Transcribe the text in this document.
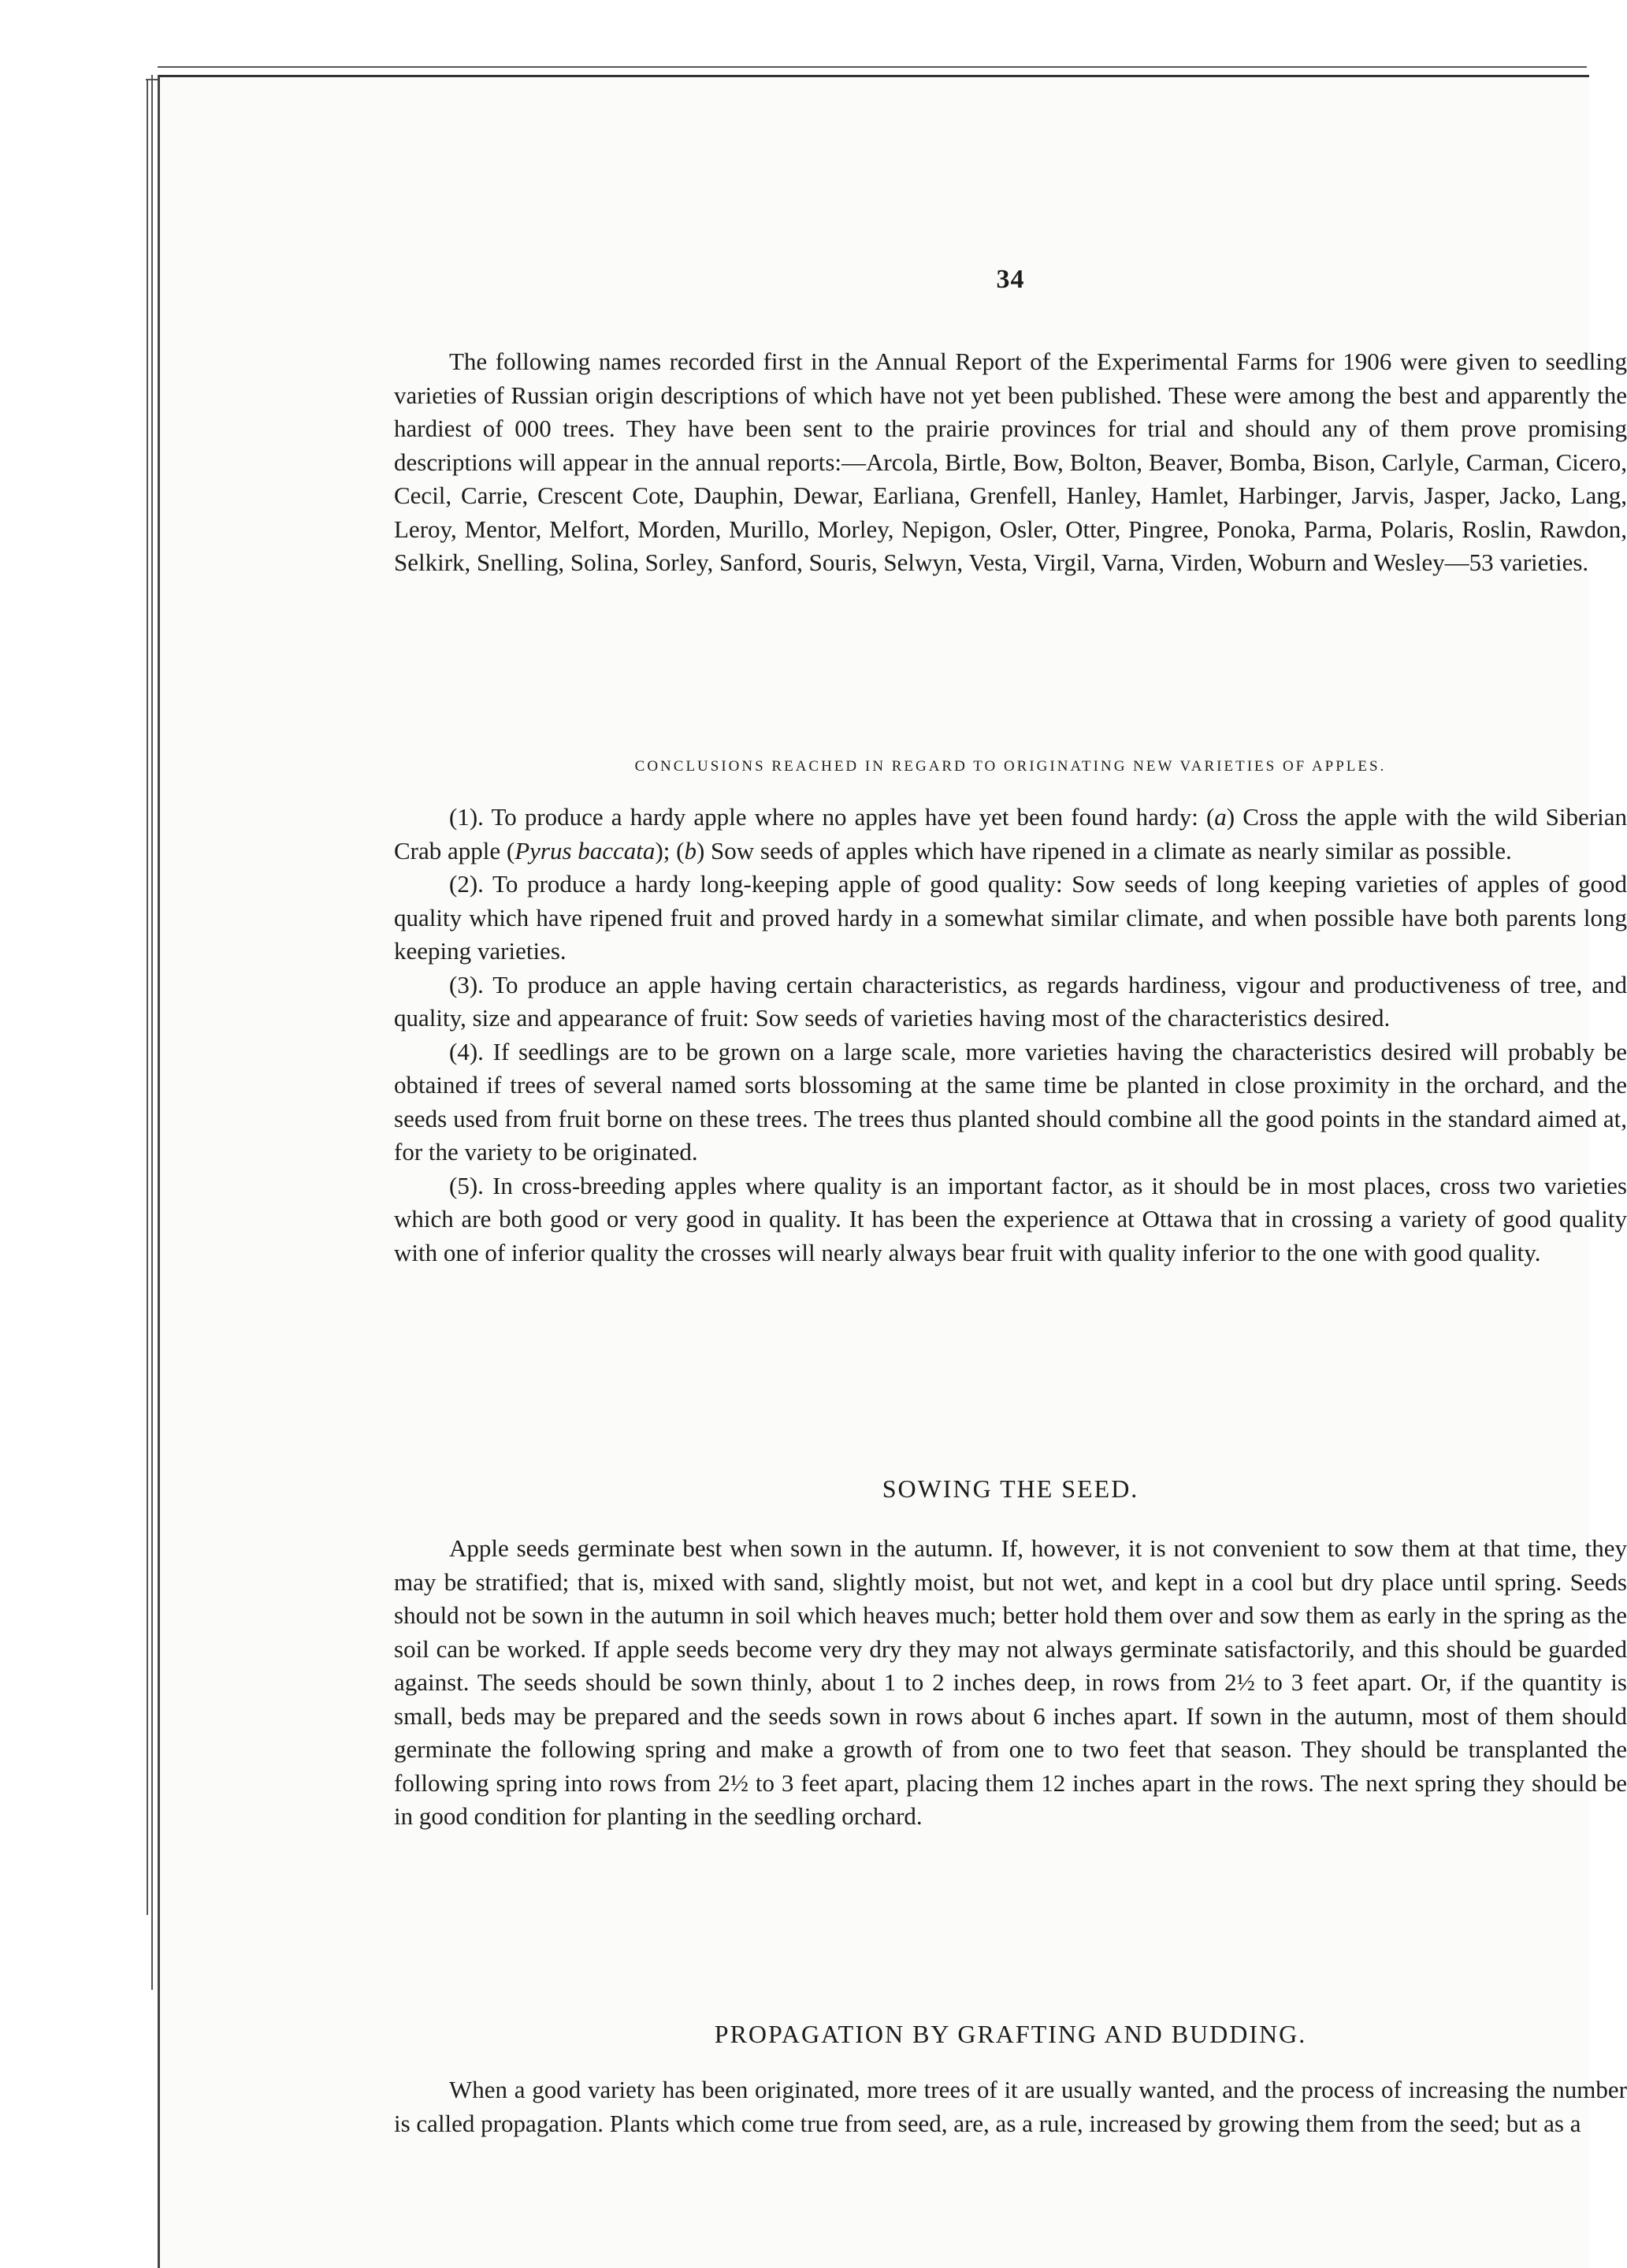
34

The following names recorded first in the Annual Report of the Experimental Farms for 1906 were given to seedling varieties of Russian origin descriptions of which have not yet been published. These were among the best and apparently the hardiest of 000 trees. They have been sent to the prairie provinces for trial and should any of them prove promising descriptions will appear in the annual reports:—Arcola, Birtle, Bow, Bolton, Beaver, Bomba, Bison, Carlyle, Carman, Cicero, Cecil, Carrie, Crescent Cote, Dauphin, Dewar, Earliana, Grenfell, Hanley, Hamlet, Harbinger, Jarvis, Jasper, Jacko, Lang, Leroy, Mentor, Melfort, Morden, Murillo, Morley, Nepigon, Osler, Otter, Pingree, Ponoka, Parma, Polaris, Roslin, Rawdon, Selkirk, Snelling, Solina, Sorley, Sanford, Souris, Selwyn, Vesta, Virgil, Varna, Virden, Woburn and Wesley—53 varieties.

CONCLUSIONS REACHED IN REGARD TO ORIGINATING NEW VARIETIES OF APPLES.

(1). To produce a hardy apple where no apples have yet been found hardy: (a) Cross the apple with the wild Siberian Crab apple (Pyrus baccata); (b) Sow seeds of apples which have ripened in a climate as nearly similar as possible.

(2). To produce a hardy long-keeping apple of good quality: Sow seeds of long keeping varieties of apples of good quality which have ripened fruit and proved hardy in a somewhat similar climate, and when possible have both parents long keeping varieties.

(3). To produce an apple having certain characteristics, as regards hardiness, vigour and productiveness of tree, and quality, size and appearance of fruit: Sow seeds of varieties having most of the characteristics desired.

(4). If seedlings are to be grown on a large scale, more varieties having the characteristics desired will probably be obtained if trees of several named sorts blossoming at the same time be planted in close proximity in the orchard, and the seeds used from fruit borne on these trees. The trees thus planted should combine all the good points in the standard aimed at, for the variety to be originated.

(5). In cross-breeding apples where quality is an important factor, as it should be in most places, cross two varieties which are both good or very good in quality. It has been the experience at Ottawa that in crossing a variety of good quality with one of inferior quality the crosses will nearly always bear fruit with quality inferior to the one with good quality.

SOWING THE SEED.

Apple seeds germinate best when sown in the autumn. If, however, it is not convenient to sow them at that time, they may be stratified; that is, mixed with sand, slightly moist, but not wet, and kept in a cool but dry place until spring. Seeds should not be sown in the autumn in soil which heaves much; better hold them over and sow them as early in the spring as the soil can be worked. If apple seeds become very dry they may not always germinate satisfactorily, and this should be guarded against. The seeds should be sown thinly, about 1 to 2 inches deep, in rows from 2½ to 3 feet apart. Or, if the quantity is small, beds may be prepared and the seeds sown in rows about 6 inches apart. If sown in the autumn, most of them should germinate the following spring and make a growth of from one to two feet that season. They should be transplanted the following spring into rows from 2½ to 3 feet apart, placing them 12 inches apart in the rows. The next spring they should be in good condition for planting in the seedling orchard.

PROPAGATION BY GRAFTING AND BUDDING.

When a good variety has been originated, more trees of it are usually wanted, and the process of increasing the number is called propagation. Plants which come true from seed, are, as a rule, increased by growing them from the seed; but as a
